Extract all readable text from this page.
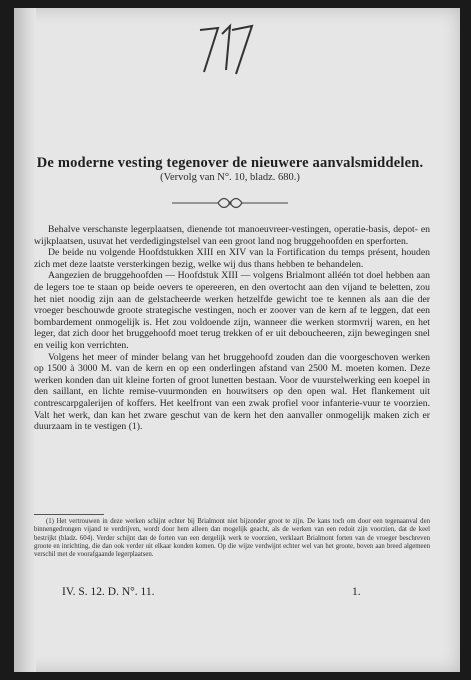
De moderne vesting tegenover de nieuwere aanvalsmiddelen.
(Vervolg van N°. 10, bladz. 680.)

Behalve verschanste legerplaatsen, dienende tot manoeuvreer-vestingen, operatie-basis, depot- en wijkplaatsen, usuvat het verdedigingstelsel van een groot land nog bruggehoofden en sperforten.

De beide nu volgende Hoofdstukken XIII en XIV van la Fortification du temps présent, houden zich met deze laatste versterkingen bezig, welke wij dus thans hebben te behandelen.

Aangezien de bruggehoofden — Hoofdstuk XIII — volgens Brialmont alléén tot doel hebben aan de legers toe te staan op beide oevers te opereeren, en den overtocht aan den vijand te beletten, zou het niet noodig zijn aan de gelstacheerde werken hetzelfde gewicht toe te kennen als aan die der vroeger beschouwde groote strategische vestingen, noch er zoover van de kern af te leggen, dat een bombardement onmogelijk is. Het zou voldoende zijn, wanneer die werken stormvrij waren, en het leger, dat zich door het bruggehoofd moet terug trekken of er uit deboucheeren, zijn bewegingen snel en veilig kon verrichten.

Volgens het meer of minder belang van het bruggehoofd zouden dan die voorgeschoven werken op 1500 à 3000 M. van de kern en op een onderlingen afstand van 2500 M. moeten komen. Deze werken konden dan uit kleine forten of groot lunetten bestaan. Voor de vuurstelwerking een koepel in den saillant, en lichte remise-vuurmonden en houwitsers op den open wal. Het flankement uit contrescarpgalerijen of koffers. Het keelfront van een zwak profiel voor infanterie-vuur te voorzien. Valt het werk, dan kan het zware geschut van de kern het den aanvaller onmogelijk maken zich er duurzaam in te vestigen (1).

(1) Het vertrouwen in deze werken schijnt echter bij Brialmont niet bijzonder groot te zijn. De kans toch om door een tegenaanval den binnengedrongen vijand te verdrijven, wordt door hem alleen dan mogelijk geacht, als de werken van een redoit zijn voorzien, dat de keel bestrijkt (bladz. 604). Verder schijnt dan de forten van een dergelijk werk te voorzien, verklaart Brialmont forten van de vroeger beschreven groote en inrichting, die dan ook verder uit elkaar konden komen. Op die wijze verdwijnt echter wel van het groote, boven aan breed algemeen verschil met de voorafgaande legerplaatsen.

IV. S. 12. D. N°. 11.	1.
